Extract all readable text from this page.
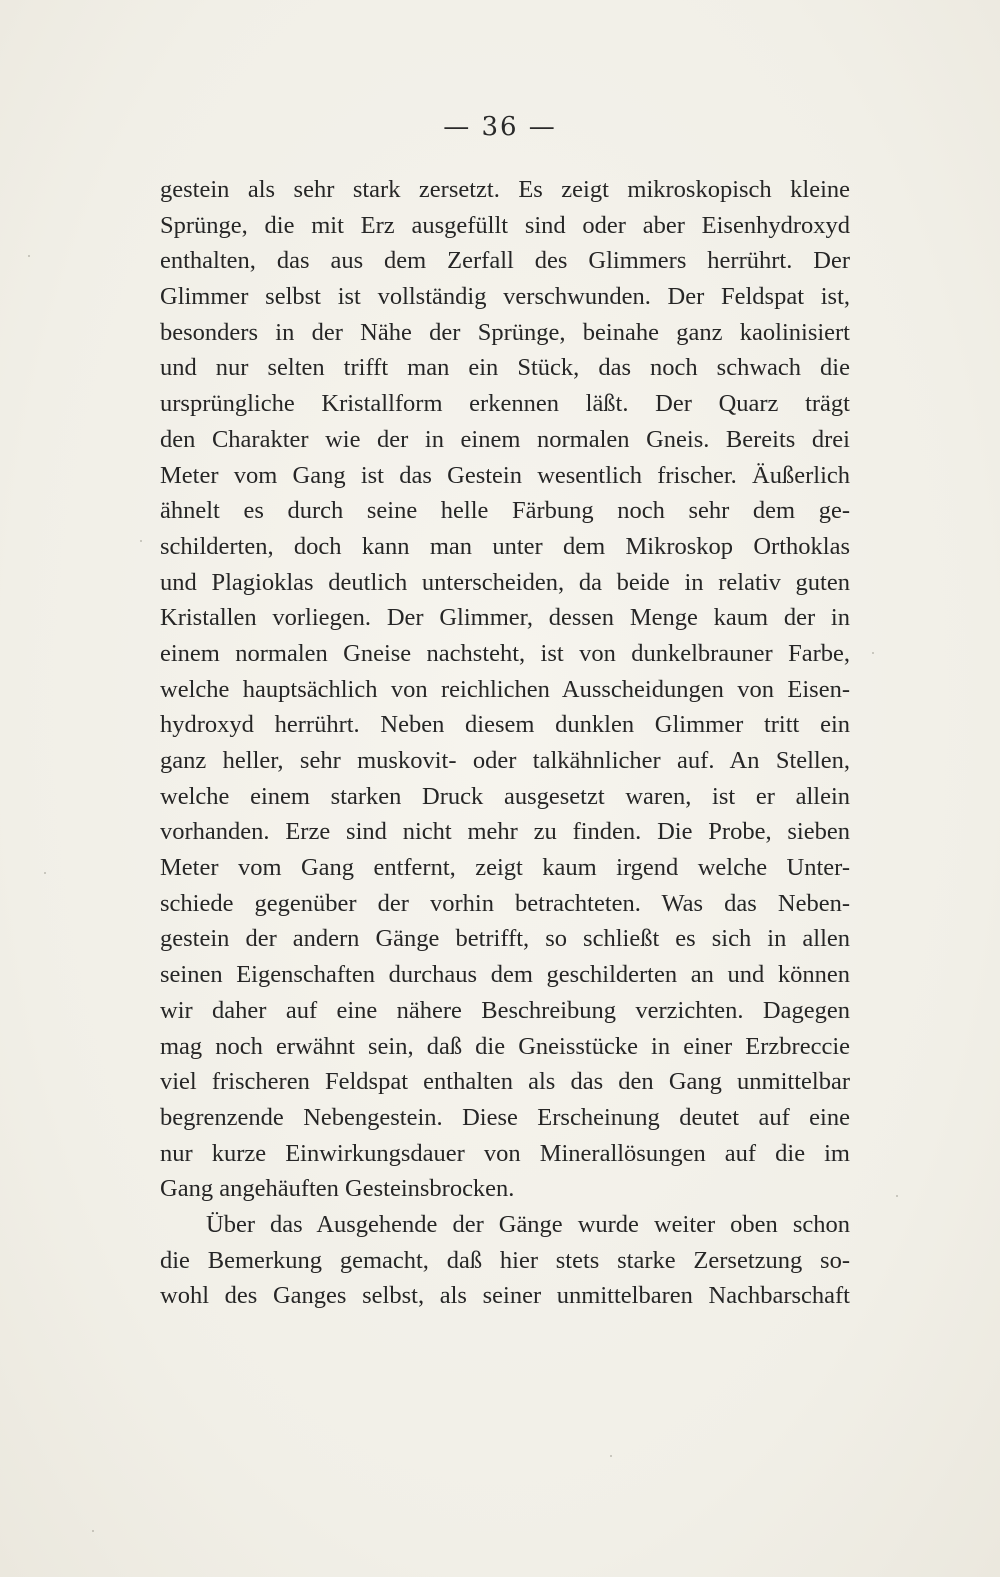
— 36 —
gestein als sehr stark zersetzt. Es zeigt mikroskopisch kleine
Sprünge, die mit Erz ausgefüllt sind oder aber Eisenhydroxyd
enthalten, das aus dem Zerfall des Glimmers herrührt. Der
Glimmer selbst ist vollständig verschwunden. Der Feldspat ist,
besonders in der Nähe der Sprünge, beinahe ganz kaolinisiert
und nur selten trifft man ein Stück, das noch schwach die
ursprüngliche Kristallform erkennen läßt. Der Quarz trägt
den Charakter wie der in einem normalen Gneis. Bereits drei
Meter vom Gang ist das Gestein wesentlich frischer. Äußerlich
ähnelt es durch seine helle Färbung noch sehr dem ge-
schilderten, doch kann man unter dem Mikroskop Orthoklas
und Plagioklas deutlich unterscheiden, da beide in relativ guten
Kristallen vorliegen. Der Glimmer, dessen Menge kaum der in
einem normalen Gneise nachsteht, ist von dunkelbrauner Farbe,
welche hauptsächlich von reichlichen Ausscheidungen von Eisen-
hydroxyd herrührt. Neben diesem dunklen Glimmer tritt ein
ganz heller, sehr muskovit- oder talkähnlicher auf. An Stellen,
welche einem starken Druck ausgesetzt waren, ist er allein
vorhanden. Erze sind nicht mehr zu finden. Die Probe, sieben
Meter vom Gang entfernt, zeigt kaum irgend welche Unter-
schiede gegenüber der vorhin betrachteten. Was das Neben-
gestein der andern Gänge betrifft, so schließt es sich in allen
seinen Eigenschaften durchaus dem geschilderten an und können
wir daher auf eine nähere Beschreibung verzichten. Dagegen
mag noch erwähnt sein, daß die Gneisstücke in einer Erzbreccie
viel frischeren Feldspat enthalten als das den Gang unmittelbar
begrenzende Nebengestein. Diese Erscheinung deutet auf eine
nur kurze Einwirkungsdauer von Minerallösungen auf die im
Gang angehäuften Gesteinsbrocken.
Über das Ausgehende der Gänge wurde weiter oben schon
die Bemerkung gemacht, daß hier stets starke Zersetzung so-
wohl des Ganges selbst, als seiner unmittelbaren Nachbarschaft
